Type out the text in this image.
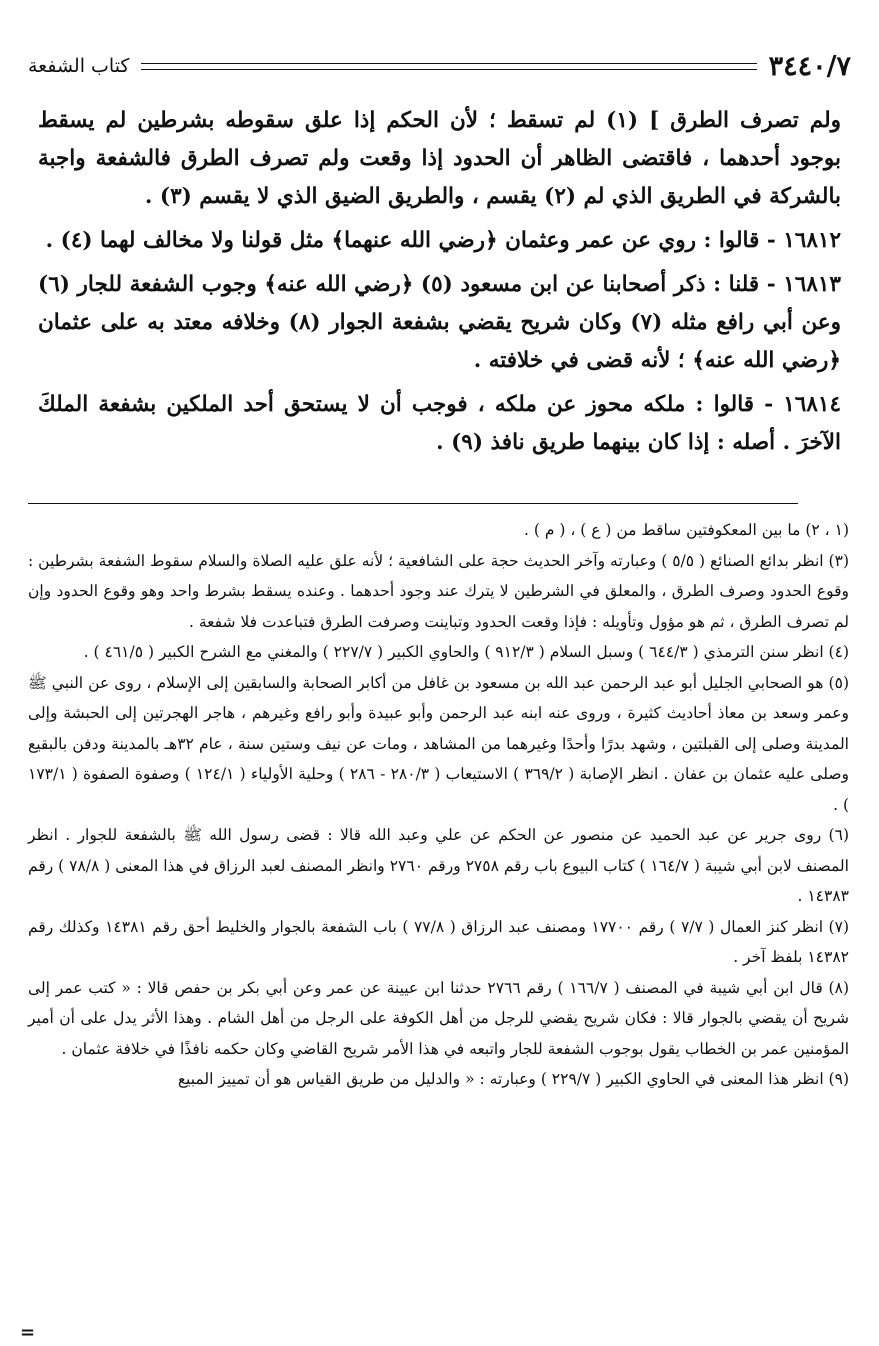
٣٤٤٠/٧
كتاب الشفعة

ولم تصرف الطرق ] (١) لم تسقط ؛ لأن الحكم إذا علق سقوطه بشرطين لم يسقط بوجود أحدهما ، فاقتضى الظاهر أن الحدود إذا وقعت ولم تصرف الطرق فالشفعة واجبة بالشركة في الطريق الذي لم (٢) يقسم ، والطريق الضيق الذي لا يقسم (٣) .

١٦٨١٢ - قالوا : روي عن عمر وعثمان ﴿رضي الله عنهما﴾ مثل قولنا ولا مخالف لهما (٤) .

١٦٨١٣ - قلنا : ذكر أصحابنا عن ابن مسعود (٥) ﴿رضي الله عنه﴾ وجوب الشفعة للجار (٦) وعن أبي رافع مثله (٧) وكان شريح يقضي بشفعة الجوار (٨) وخلافه معتد به على عثمان ﴿رضي الله عنه﴾ ؛ لأنه قضى في خلافته .

١٦٨١٤ - قالوا : ملكه محوز عن ملكه ، فوجب أن لا يستحق أحد الملكين بشفعة الملكَ الآخرَ . أصله : إذا كان بينهما طريق نافذ (٩) .

(١ ، ٢) ما بين المعكوفتين ساقط من ( ع ) ، ( م ) .

(٣) انظر بدائع الصنائع ( ٥/٥ ) وعبارته وآخر الحديث حجة على الشافعية ؛ لأنه علق عليه الصلاة والسلام سقوط الشفعة بشرطين : وقوع الحدود وصرف الطرق ، والمعلق في الشرطين لا يترك عند وجود أحدهما . وعنده يسقط بشرط واحد وهو وقوع الحدود وإن لم تصرف الطرق ، ثم هو مؤول وتأويله : فإذا وقعت الحدود وتباينت وصرفت الطرق فتباعدت فلا شفعة .

(٤) انظر سنن الترمذي ( ٦٤٤/٣ ) وسبل السلام ( ٩١٢/٣ ) والحاوي الكبير ( ٢٢٧/٧ ) والمغني مع الشرح الكبير ( ٤٦١/٥ ) .

(٥) هو الصحابي الجليل أبو عبد الرحمن عبد الله بن مسعود بن غافل من أكابر الصحابة والسابقين إلى الإسلام ، روى عن النبي ﷺ وعمر وسعد بن معاذ أحاديث كثيرة ، وروى عنه ابنه عبد الرحمن وأبو عبيدة وأبو رافع وغيرهم ، هاجر الهجرتين إلى الحبشة وإلى المدينة وصلى إلى القبلتين ، وشهد بدرًا وأحدًا وغيرهما من المشاهد ، ومات عن نيف وستين سنة ، عام ٣٢هـ بالمدينة ودفن بالبقيع وصلى عليه عثمان بن عفان . انظر الإصابة ( ٣٦٩/٢ ) الاستيعاب ( ٢٨٠/٣ - ٢٨٦ ) وحلية الأولياء ( ١٢٤/١ ) وصفوة الصفوة ( ١٧٣/١ ) .

(٦) روى جرير عن عبد الحميد عن منصور عن الحكم عن علي وعبد الله قالا : قضى رسول الله ﷺ بالشفعة للجوار . انظر المصنف لابن أبي شيبة ( ١٦٤/٧ ) كتاب البيوع باب رقم ٢٧٥٨ ورقم ٢٧٦٠ وانظر المصنف لعبد الرزاق في هذا المعنى ( ٧٨/٨ ) رقم ١٤٣٨٣ .

(٧) انظر كنز العمال ( ٧/٧ ) رقم ١٧٧٠٠ ومصنف عبد الرزاق ( ٧٧/٨ ) باب الشفعة بالجوار والخليط أحق رقم ١٤٣٨١ وكذلك رقم ١٤٣٨٢ بلفظ آخر .

(٨) قال ابن أبي شيبة في المصنف ( ١٦٦/٧ ) رقم ٢٧٦٦ حدثنا ابن عيينة عن عمر وعن أبي بكر بن حفص قالا : « كتب عمر إلى شريح أن يقضي بالجوار قالا : فكان شريح يقضي للرجل من أهل الكوفة على الرجل من أهل الشام . وهذا الأثر يدل على أن أمير المؤمنين عمر بن الخطاب يقول بوجوب الشفعة للجار واتبعه في هذا الأمر شريح القاضي وكان حكمه نافذًا في خلافة عثمان .

(٩) انظر هذا المعنى في الحاوي الكبير ( ٢٢٩/٧ ) وعبارته : « والدليل من طريق القياس هو أن تمييز المبيع

=
